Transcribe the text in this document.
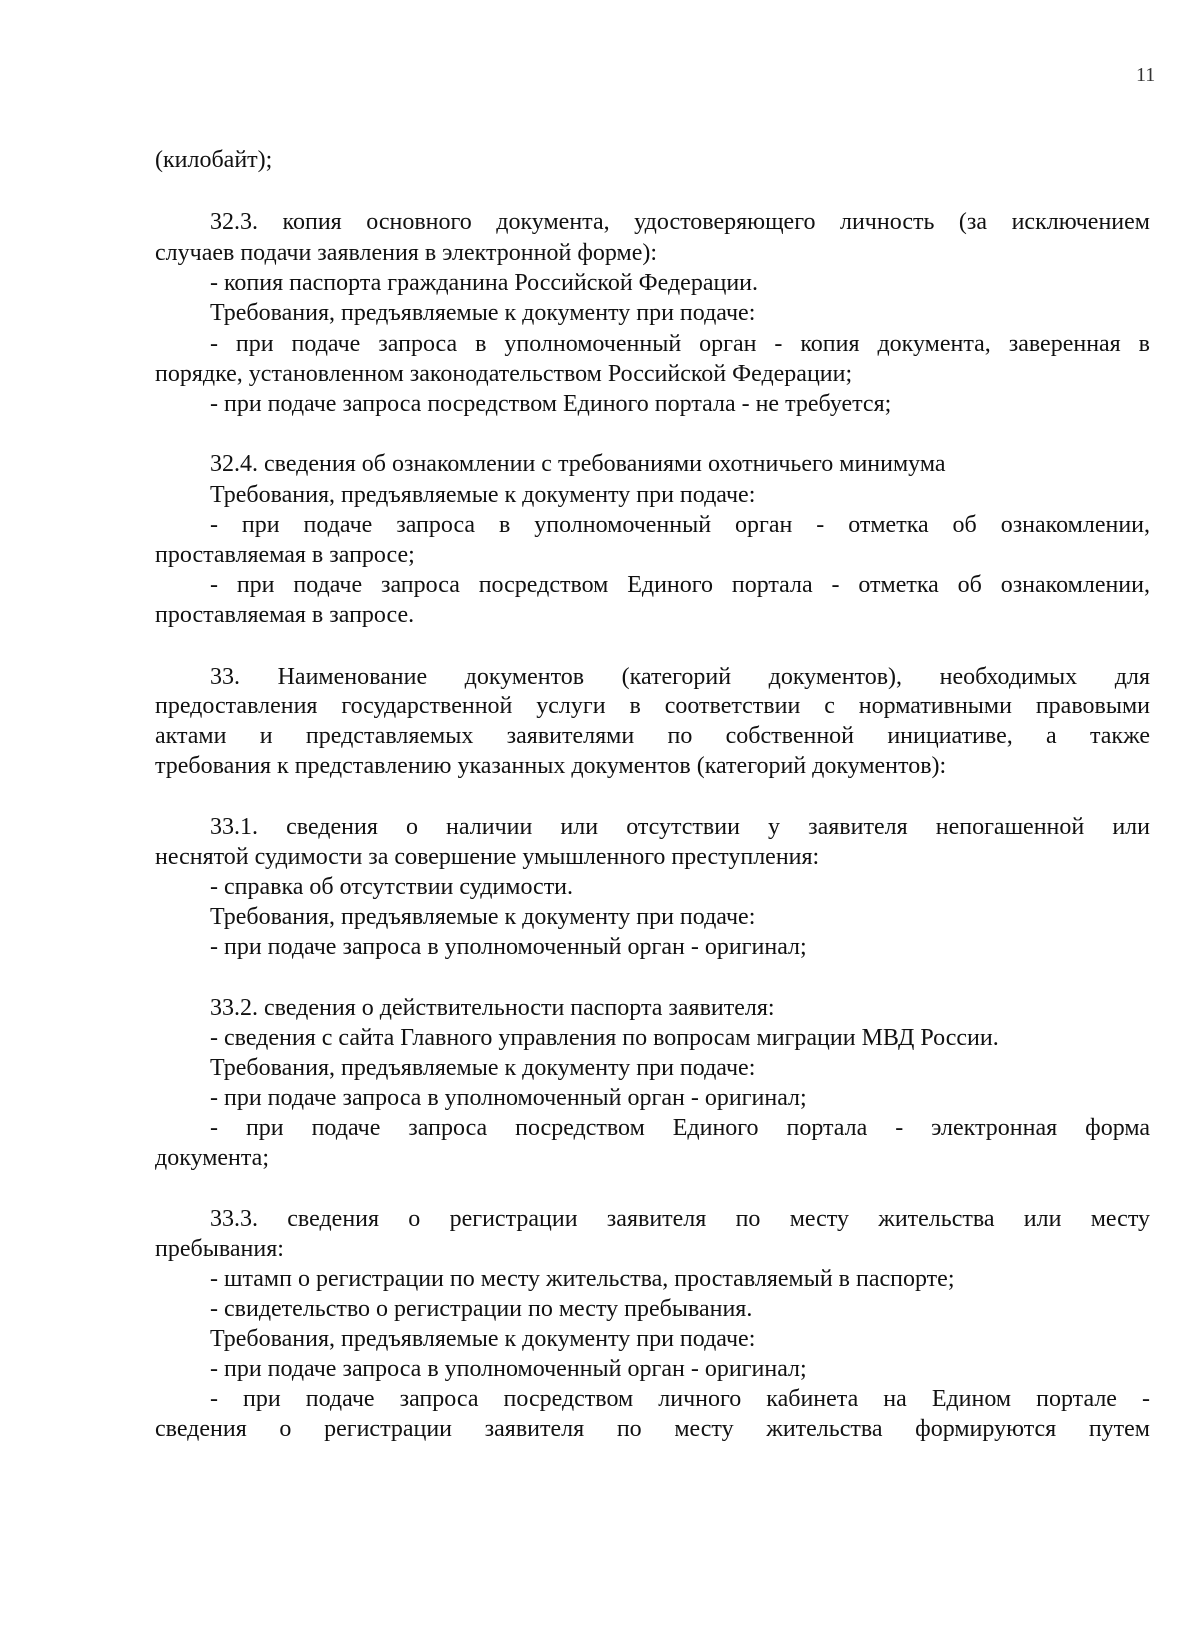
11
(килобайт);
32.3. копия основного документа, удостоверяющего личность (за исключением
случаев подачи заявления в электронной форме):
- копия паспорта гражданина Российской Федерации.
Требования, предъявляемые к документу при подаче:
- при подаче запроса в уполномоченный орган - копия документа, заверенная в
порядке, установленном законодательством Российской Федерации;
- при подаче запроса посредством Единого портала - не требуется;
32.4. сведения об ознакомлении с требованиями охотничьего минимума
Требования, предъявляемые к документу при подаче:
- при подаче запроса в уполномоченный орган - отметка об ознакомлении,
проставляемая в запросе;
- при подаче запроса посредством Единого портала - отметка об ознакомлении,
проставляемая в запросе.
33. Наименование документов (категорий документов), необходимых для
предоставления государственной услуги в соответствии с нормативными правовыми
актами и представляемых заявителями по собственной инициативе, а также
требования к представлению указанных документов (категорий документов):
33.1. сведения о наличии или отсутствии у заявителя непогашенной или
неснятой судимости за совершение умышленного преступления:
- справка об отсутствии судимости.
Требования, предъявляемые к документу при подаче:
- при подаче запроса в уполномоченный орган - оригинал;
33.2. сведения о действительности паспорта заявителя:
- сведения с сайта Главного управления по вопросам миграции МВД России.
Требования, предъявляемые к документу при подаче:
- при подаче запроса в уполномоченный орган - оригинал;
- при подаче запроса посредством Единого портала - электронная форма
документа;
33.3. сведения о регистрации заявителя по месту жительства или месту
пребывания:
- штамп о регистрации по месту жительства, проставляемый в паспорте;
- свидетельство о регистрации по месту пребывания.
Требования, предъявляемые к документу при подаче:
- при подаче запроса в уполномоченный орган - оригинал;
- при подаче запроса посредством личного кабинета на Едином портале -
сведения о регистрации заявителя по месту жительства формируются путем
